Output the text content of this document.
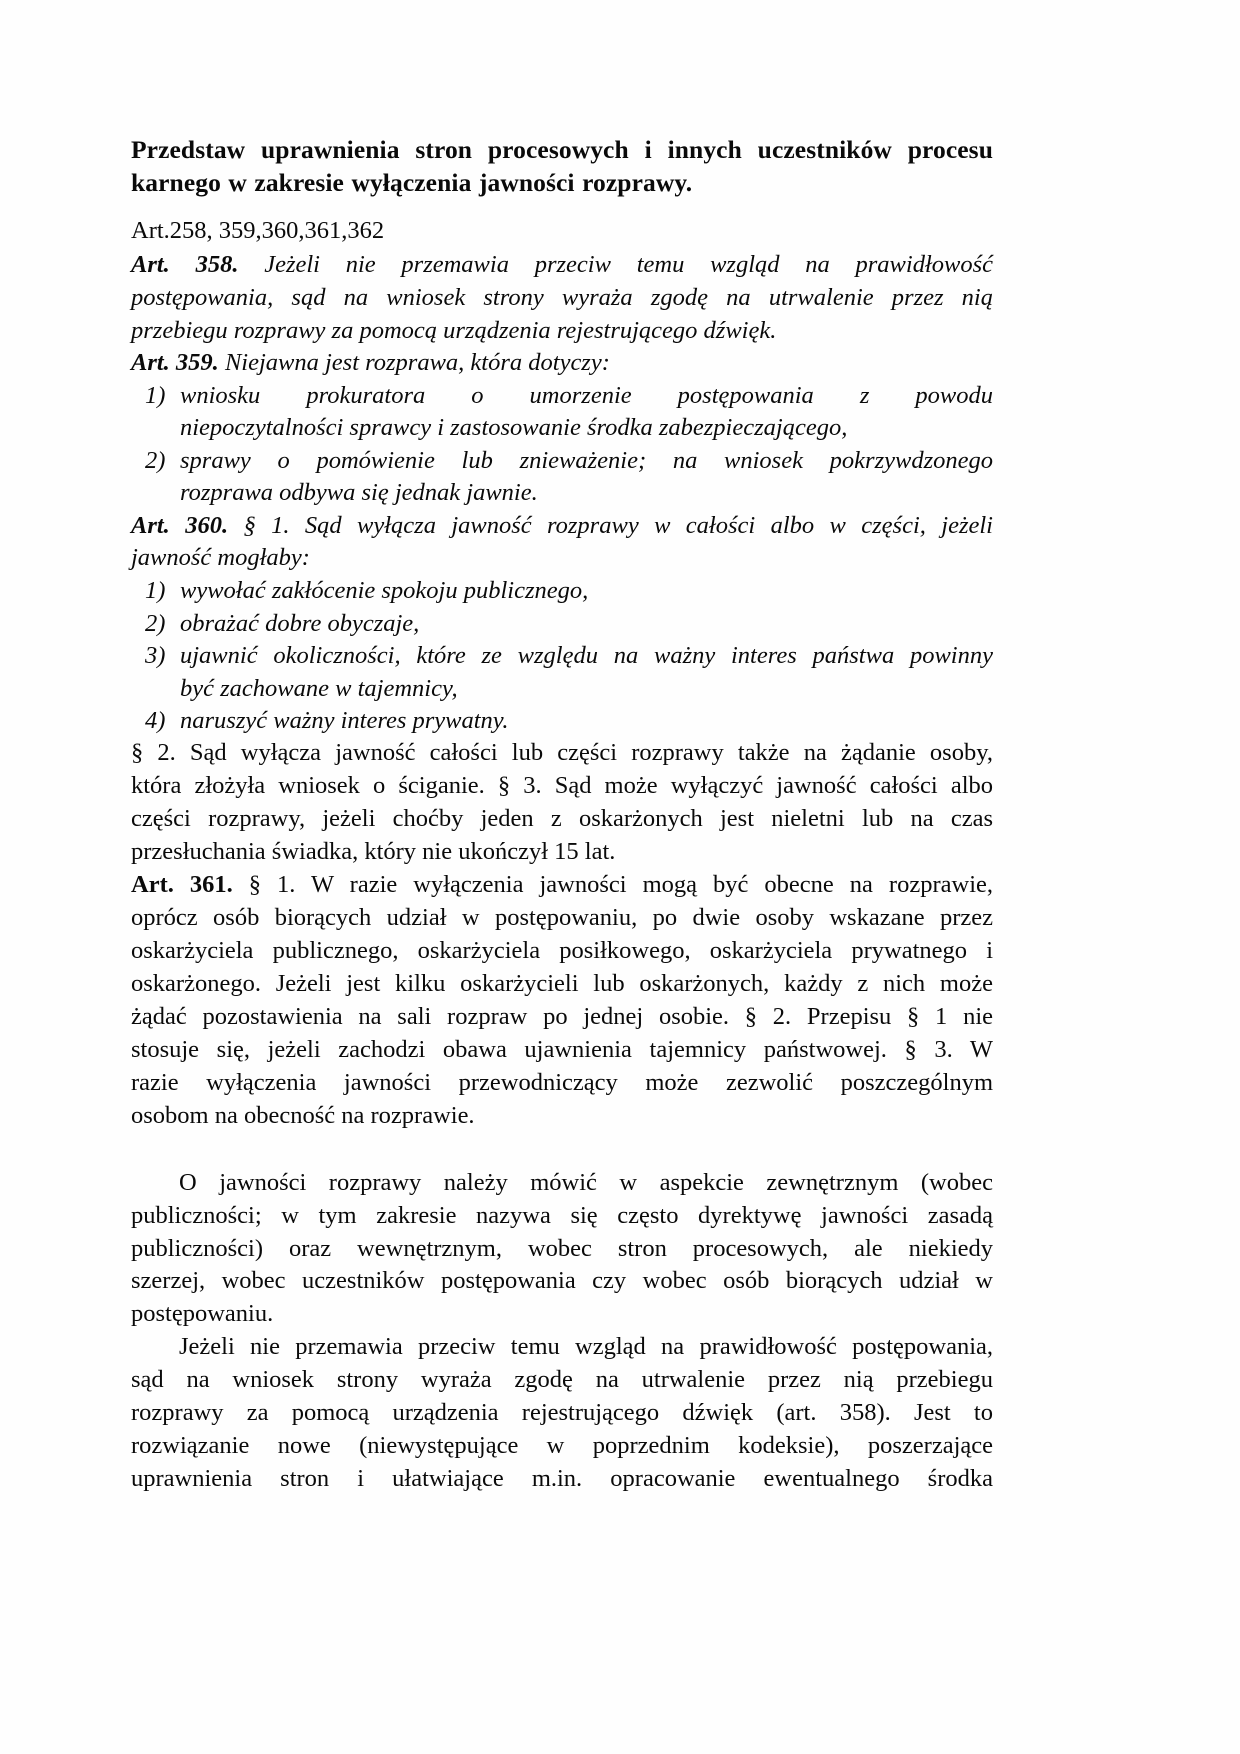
Przedstaw uprawnienia stron procesowych i innych uczestników procesu
karnego w zakresie wyłączenia jawności rozprawy.

Art.258, 359,360,361,362

Art. 358. Jeżeli nie przemawia przeciw temu wzgląd na prawidłowość
postępowania, sąd na wniosek strony wyraża zgodę na utrwalenie przez nią
przebiegu rozprawy za pomocą urządzenia rejestrującego dźwięk.
Art. 359. Niejawna jest rozprawa, która dotyczy:
1) wniosku prokuratora o umorzenie postępowania z powodu
niepoczytalności sprawcy i zastosowanie środka zabezpieczającego,
2) sprawy o pomówienie lub znieważenie; na wniosek pokrzywdzonego
rozprawa odbywa się jednak jawnie.
Art. 360. § 1. Sąd wyłącza jawność rozprawy w całości albo w części, jeżeli
jawność mogłaby:
1) wywołać zakłócenie spokoju publicznego,
2) obrażać dobre obyczaje,
3) ujawnić okoliczności, które ze względu na ważny interes państwa powinny
być zachowane w tajemnicy,
4) naruszyć ważny interes prywatny.
§ 2. Sąd wyłącza jawność całości lub części rozprawy także na żądanie osoby,
która złożyła wniosek o ściganie. § 3. Sąd może wyłączyć jawność całości albo
części rozprawy, jeżeli choćby jeden z oskarżonych jest nieletni lub na czas
przesłuchania świadka, który nie ukończył 15 lat.
Art. 361. § 1. W razie wyłączenia jawności mogą być obecne na rozprawie,
oprócz osób biorących udział w postępowaniu, po dwie osoby wskazane przez
oskarżyciela publicznego, oskarżyciela posiłkowego, oskarżyciela prywatnego i
oskarżonego. Jeżeli jest kilku oskarżycieli lub oskarżonych, każdy z nich może
żądać pozostawienia na sali rozpraw po jednej osobie. § 2. Przepisu § 1 nie
stosuje się, jeżeli zachodzi obawa ujawnienia tajemnicy państwowej. § 3. W
razie wyłączenia jawności przewodniczący może zezwolić poszczególnym
osobom na obecność na rozprawie.
O jawności rozprawy należy mówić w aspekcie zewnętrznym (wobec
publiczności; w tym zakresie nazywa się często dyrektywę jawności zasadą
publiczności) oraz wewnętrznym, wobec stron procesowych, ale niekiedy
szerzej, wobec uczestników postępowania czy wobec osób biorących udział w
postępowaniu.
Jeżeli nie przemawia przeciw temu wzgląd na prawidłowość postępowania,
sąd na wniosek strony wyraża zgodę na utrwalenie przez nią przebiegu
rozprawy za pomocą urządzenia rejestrującego dźwięk (art. 358). Jest to
rozwiązanie nowe (niewystępujące w poprzednim kodeksie), poszerzające
uprawnienia stron i ułatwiające m.in. opracowanie ewentualnego środka
